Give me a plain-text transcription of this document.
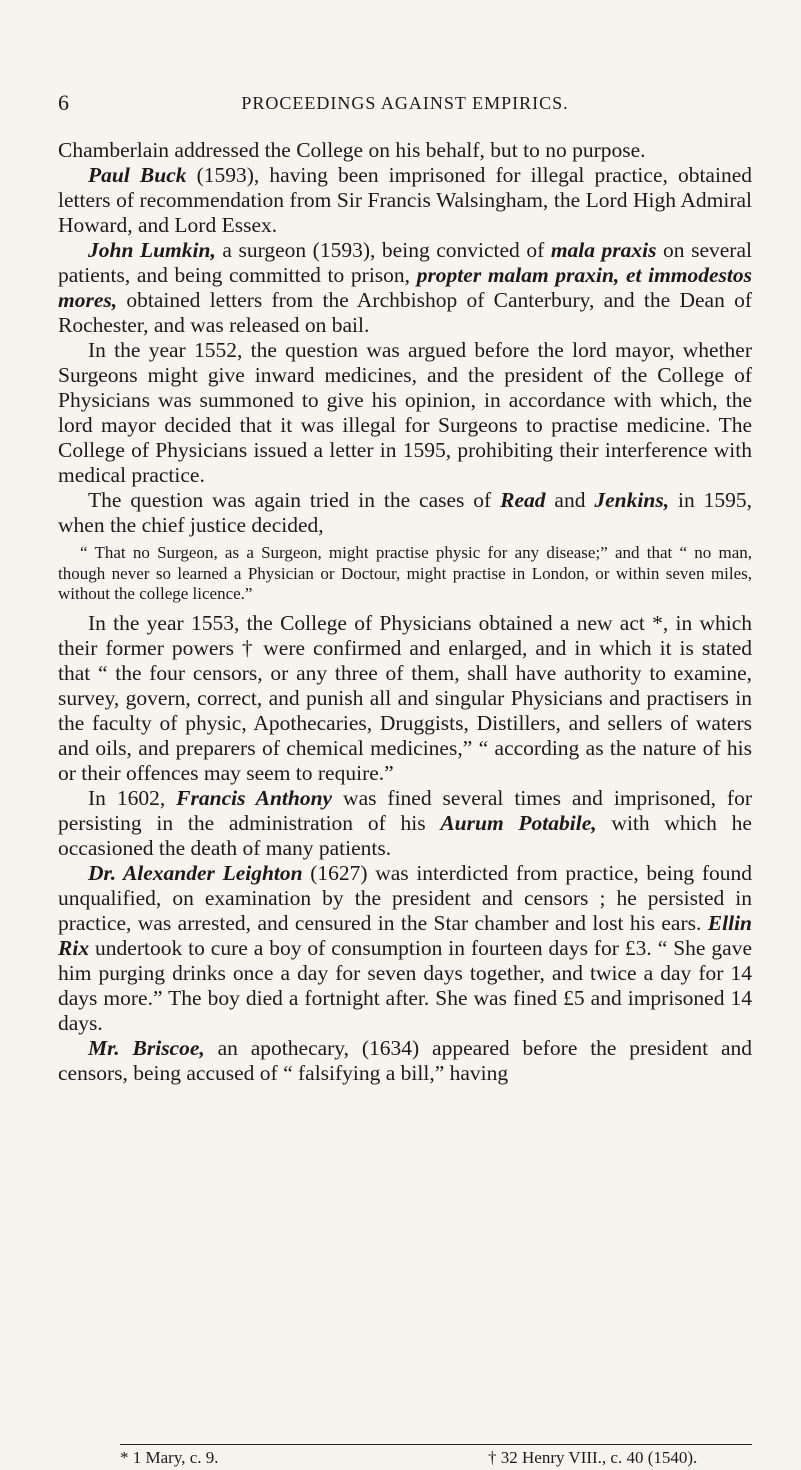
6	PROCEEDINGS AGAINST EMPIRICS.

Chamberlain addressed the College on his behalf, but to no purpose.

Paul Buck (1593), having been imprisoned for illegal practice, obtained letters of recommendation from Sir Francis Walsingham, the Lord High Admiral Howard, and Lord Essex.

John Lumkin, a surgeon (1593), being convicted of mala praxis on several patients, and being committed to prison, propter malam praxin, et immodestos mores, obtained letters from the Archbishop of Canterbury, and the Dean of Rochester, and was released on bail.

In the year 1552, the question was argued before the lord mayor, whether Surgeons might give inward medicines, and the president of the College of Physicians was summoned to give his opinion, in accordance with which, the lord mayor decided that it was illegal for Surgeons to practise medicine. The College of Physicians issued a letter in 1595, prohibiting their interference with medical practice.

The question was again tried in the cases of Read and Jenkins, in 1595, when the chief justice decided,

“ That no Surgeon, as a Surgeon, might practise physic for any disease;” and that “ no man, though never so learned a Physician or Doctour, might practise in London, or within seven miles, without the college licence.”

In the year 1553, the College of Physicians obtained a new act *, in which their former powers † were confirmed and enlarged, and in which it is stated that “ the four censors, or any three of them, shall have authority to examine, survey, govern, correct, and punish all and singular Physicians and practisers in the faculty of physic, Apothecaries, Druggists, Distillers, and sellers of waters and oils, and preparers of chemical medicines,” “ according as the nature of his or their offences may seem to require.”

In 1602, Francis Anthony was fined several times and imprisoned, for persisting in the administration of his Aurum Potabile, with which he occasioned the death of many patients.

Dr. Alexander Leighton (1627) was interdicted from practice, being found unqualified, on examination by the president and censors ; he persisted in practice, was arrested, and censured in the Star chamber and lost his ears. Ellin Rix undertook to cure a boy of consumption in fourteen days for £3. “ She gave him purging drinks once a day for seven days together, and twice a day for 14 days more.” The boy died a fortnight after. She was fined £5 and imprisoned 14 days.

Mr. Briscoe, an apothecary, (1634) appeared before the president and censors, being accused of “ falsifying a bill,” having

* 1 Mary, c. 9.	† 32 Henry VIII., c. 40 (1540).
